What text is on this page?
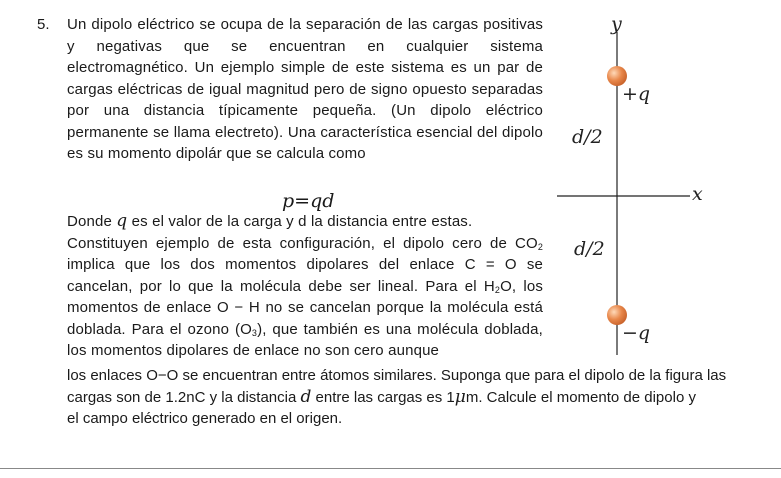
5. Un dipolo eléctrico se ocupa de la separación de las cargas positivas y negativas que se encuentran en cualquier sistema electromagnético. Un ejemplo simple de este sistema es un par de cargas eléctricas de igual magnitud pero de signo opuesto separadas por una distancia típicamente pequeña. (Un dipolo eléctrico permanente se llama electreto). Una característica esencial del dipolo es su momento dipolár que se calcula como
p=qd
Donde q es el valor de la carga y d la distancia entre estas.
Constituyen ejemplo de esta configuración, el dipolo cero de $CO_2$ implica que los dos momentos dipolares del enlace C = O se cancelan, por lo que la molécula debe ser lineal. Para el $H_2O$, los momentos de enlace O − H no se cancelan porque la molécula está doblada. Para el ozono $(O_3)$, que también es una molécula doblada, los momentos dipolares de enlace no son cero aunque
los enlaces O−O se encuentran entre átomos similares. Suponga que para el dipolo de la figura las
cargas son de 1.2nC y la distancia d entre las cargas es 1μm. Calcule el momento de dipolo y
el campo eléctrico generado en el origen.
y
x
+q
−q
d/2
d/2
